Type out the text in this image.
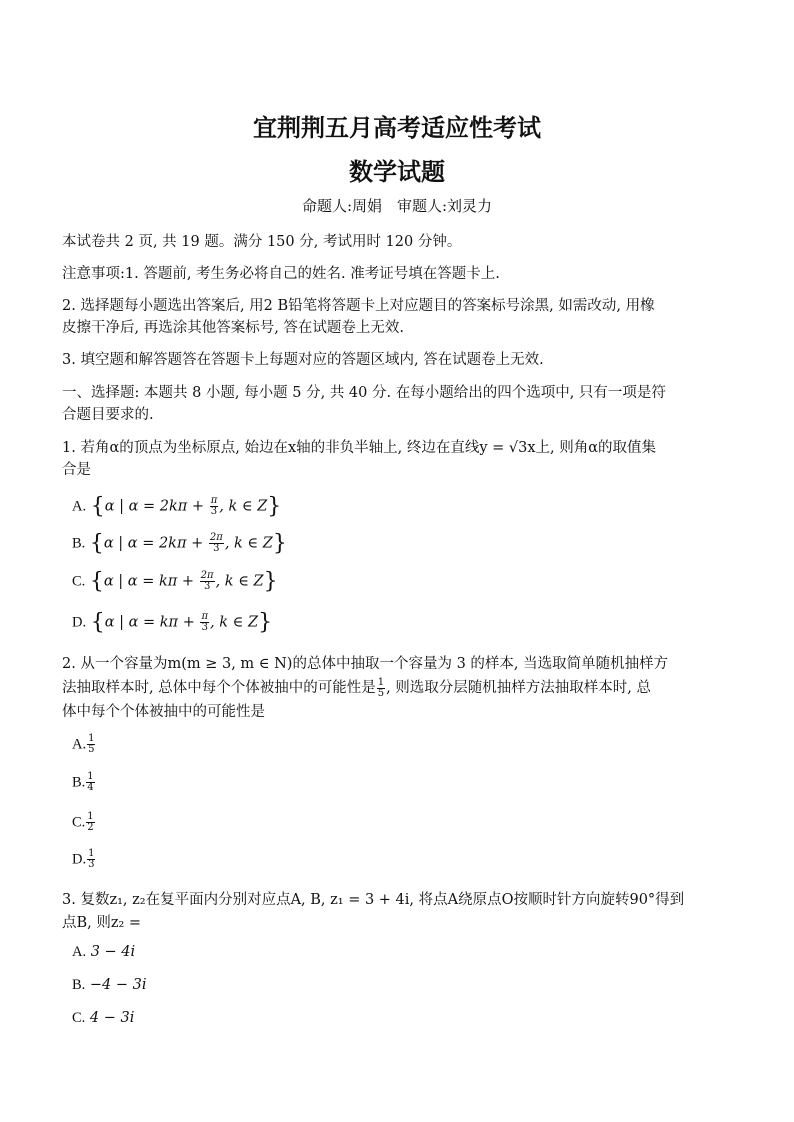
宜荆荆五月高考适应性考试
数学试题
命题人:周娟　审题人:刘灵力
本试卷共 2 页, 共 19 题。满分 150 分, 考试用时 120 分钟。
注意事项:1. 答题前, 考生务必将自己的姓名. 准考证号填在答题卡上.
2. 选择题每小题选出答案后, 用2 B铅笔将答题卡上对应题目的答案标号涂黑, 如需改动, 用橡
皮擦干净后, 再选涂其他答案标号, 答在试题卷上无效.
3. 填空题和解答题答在答题卡上每题对应的答题区域内, 答在试题卷上无效.
一、选择题: 本题共 8 小题, 每小题 5 分, 共 40 分. 在每小题给出的四个选项中, 只有一项是符
合题目要求的.
1. 若角α的顶点为坐标原点, 始边在x轴的非负半轴上, 终边在直线y = √3x上, 则角α的取值集
合是
A. {α | $\alpha = 2k\pi + \frac{\pi}{3}$ , k ∈ Z}
B. {α | $\alpha = 2k\pi + \frac{2\pi}{3}$ , k ∈ Z}
C. {α | $\alpha = k\pi + \frac{2\pi}{3}$ , k ∈ Z}
D. {α | $\alpha = k\pi + \frac{\pi}{3}$ , k ∈ Z}
2. 从一个容量为m(m ≥ 3, m ∈ N)的总体中抽取一个容量为 3 的样本, 当选取简单随机抽样方
法抽取样本时, 总体中每个个体被抽中的可能性是 $\frac{1}{5}$ , 则选取分层随机抽样方法抽取样本时, 总
体中每个个体被抽中的可能性是
A. $\frac{1}{5}$
B. $\frac{1}{4}$
C. $\frac{1}{2}$
D. $\frac{1}{3}$
3. 复数z₁, z₂在复平面内分别对应点A, B, z₁ = 3 + 4i, 将点A绕原点O按顺时针方向旋转90°得到
点B, 则z₂ =
A. 3 − 4i
B. −4 − 3i
C. 4 − 3i
